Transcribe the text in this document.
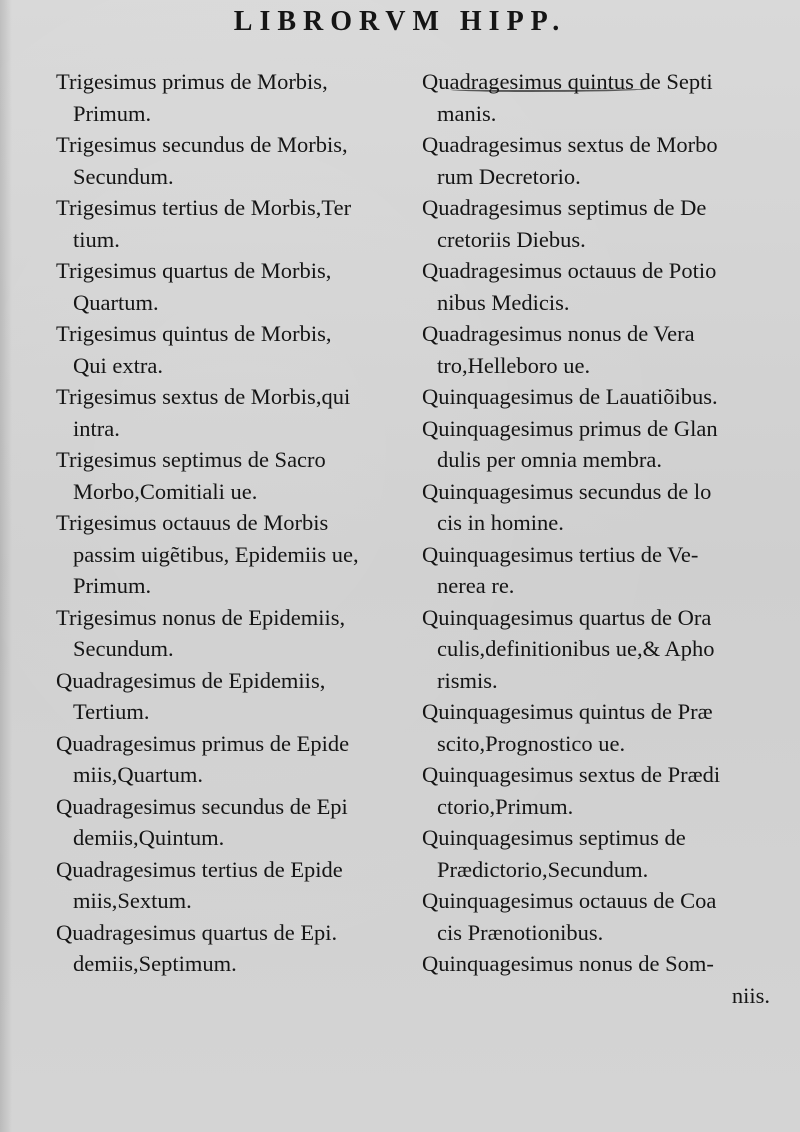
LIBRORVM HIPP.
Trigesimus primus de Morbis,
Primum.
Trigesimus secundus de Morbis,
Secundum.
Trigesimus tertius de Morbis,Ter
tium.
Trigesimus quartus de Morbis,
Quartum.
Trigesimus quintus de Morbis,
Qui extra.
Trigesimus sextus de Morbis,qui
intra.
Trigesimus septimus de Sacro
Morbo,Comitiali ue.
Trigesimus octauus de Morbis
passim uigẽtibus, Epidemiis ue,
Primum.
Trigesimus nonus de Epidemiis,
Secundum.
Quadragesimus de Epidemiis,
Tertium.
Quadragesimus primus de Epide
miis,Quartum.
Quadragesimus secundus de Epi
demiis,Quintum.
Quadragesimus tertius de Epide
miis,Sextum.
Quadragesimus quartus de Epi.
demiis,Septimum.
Quadragesimus quintus de Septi
manis.
Quadragesimus sextus de Morbo
rum Decretorio.
Quadragesimus septimus de De
cretoriis Diebus.
Quadragesimus octauus de Potio
nibus Medicis.
Quadragesimus nonus de Vera
tro,Helleboro ue.
Quinquagesimus de Lauatiõibus.
Quinquagesimus primus de Glan
dulis per omnia membra.
Quinquagesimus secundus de lo
cis in homine.
Quinquagesimus tertius de Ve-
nerea re.
Quinquagesimus quartus de Ora
culis,definitionibus ue,& Apho
rismis.
Quinquagesimus quintus de Præ
scito,Prognostico ue.
Quinquagesimus sextus de Prædi
ctorio,Primum.
Quinquagesimus septimus de
Prædictorio,Secundum.
Quinquagesimus octauus de Coa
cis Prænotionibus.
Quinquagesimus nonus de Som-
niis.
